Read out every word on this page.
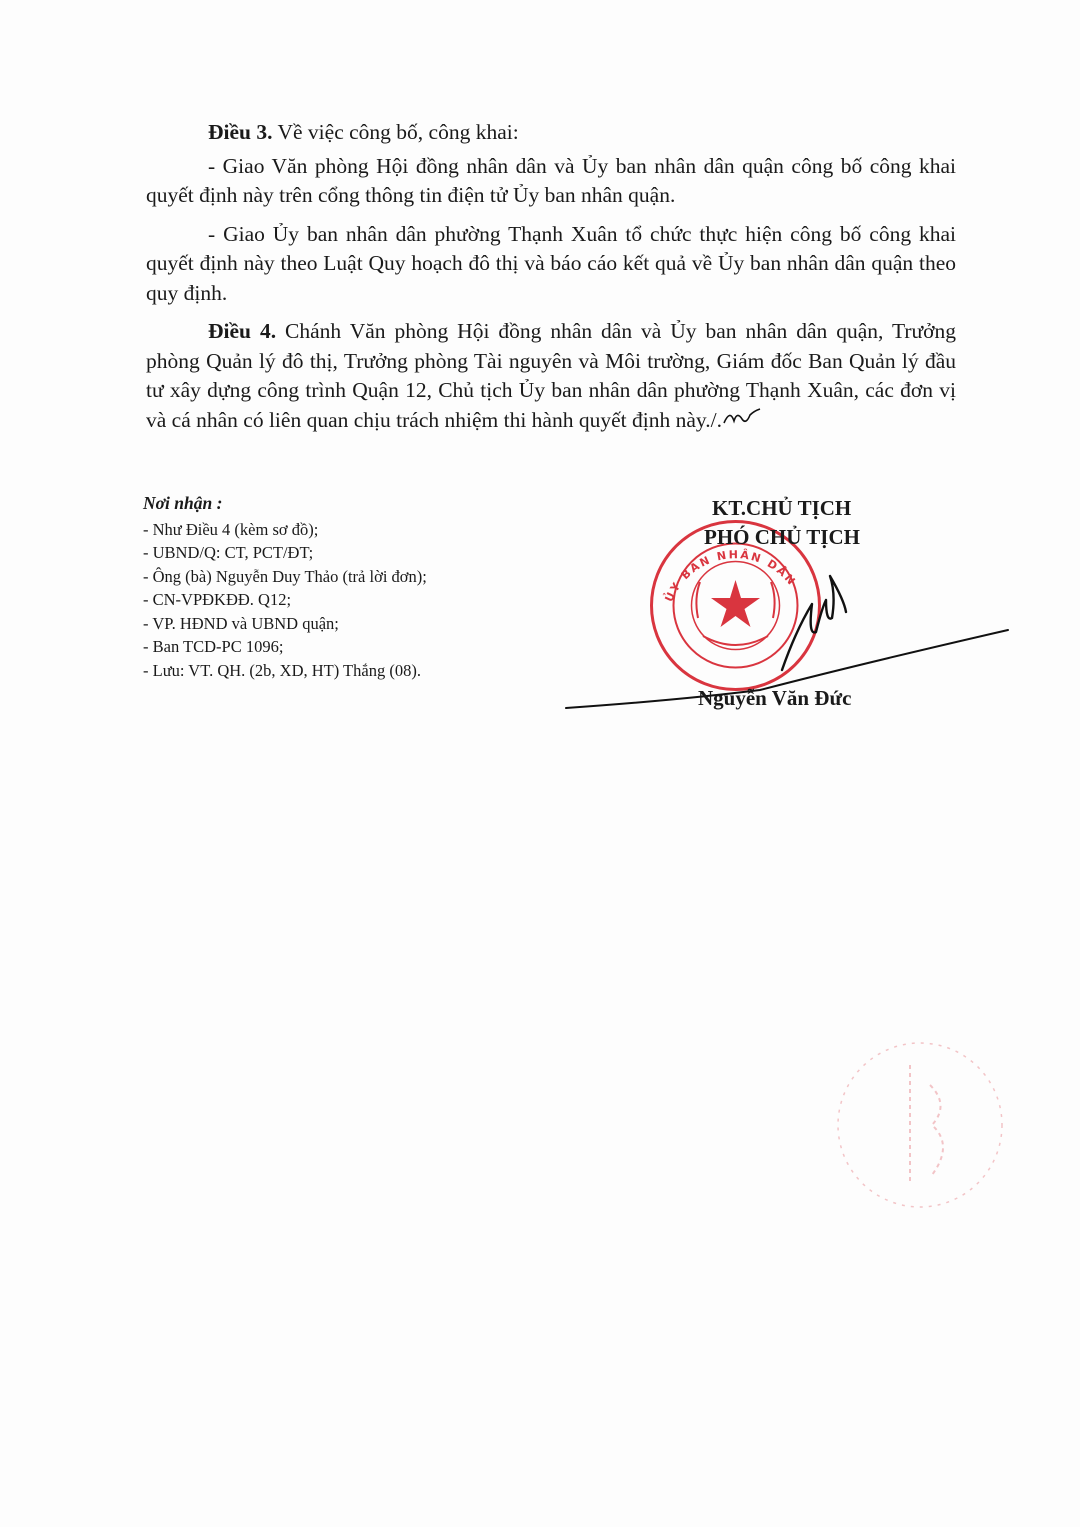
Điều 3. Về việc công bố, công khai:

- Giao Văn phòng Hội đồng nhân dân và Ủy ban nhân dân quận công bố công khai quyết định này trên cổng thông tin điện tử Ủy ban nhân quận.

- Giao Ủy ban nhân dân phường Thạnh Xuân tổ chức thực hiện công bố công khai quyết định này theo Luật Quy hoạch đô thị và báo cáo kết quả về Ủy ban nhân dân quận theo quy định.

Điều 4. Chánh Văn phòng Hội đồng nhân dân và Ủy ban nhân dân quận, Trưởng phòng Quản lý đô thị, Trưởng phòng Tài nguyên và Môi trường, Giám đốc Ban Quản lý đầu tư xây dựng công trình Quận 12, Chủ tịch Ủy ban nhân dân phường Thạnh Xuân, các đơn vị và cá nhân có liên quan chịu trách nhiệm thi hành quyết định này./.

Nơi nhận :
- Như Điều 4 (kèm sơ đồ);
- UBND/Q: CT, PCT/ĐT;
- Ông (bà) Nguyễn Duy Thảo (trả lời đơn);
- CN-VPĐKĐĐ. Q12;
- VP. HĐND và UBND quận;
- Ban TCD-PC 1096;
- Lưu: VT. QH. (2b, XD, HT) Thắng (08).
ỦY BAN NHÂN DÂN
KT.CHỦ TỊCH
PHÓ CHỦ TỊCH
Nguyễn Văn Đức
